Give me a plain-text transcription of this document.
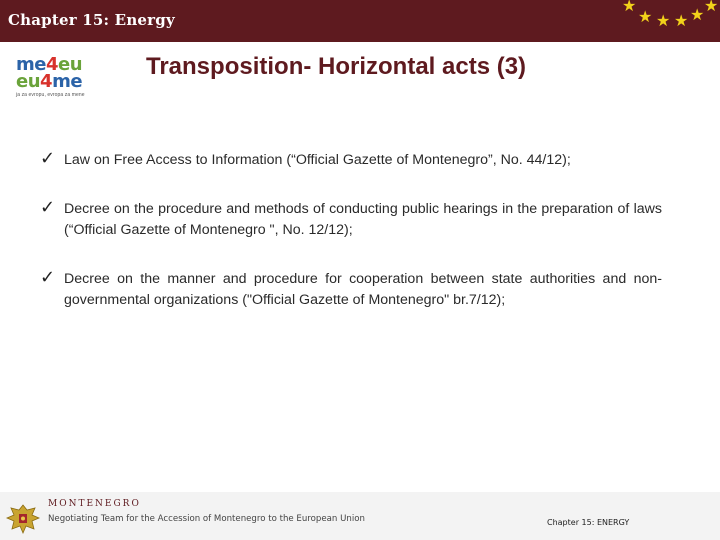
Chapter 15: Energy
★
★ ★ ★ ★
★
me4eu
eu4me
ja za evropu, evropa za mene
Transposition- Horizontal acts (3)
✓ Law on Free Access to Information (“Official Gazette of Montenegro”, No. 44/12);
✓ Decree on the procedure and methods of conducting public hearings in the preparation of laws (“Official Gazette of Montenegro ", No. 12/12);
✓ Decree on the manner and procedure for cooperation between state authorities and non-governmental organizations ("Official Gazette of Montenegro" br.7/12);
MONTENEGRO
Negotiating Team for the Accession of Montenegro to the European Union	Chapter 15: ENERGY
